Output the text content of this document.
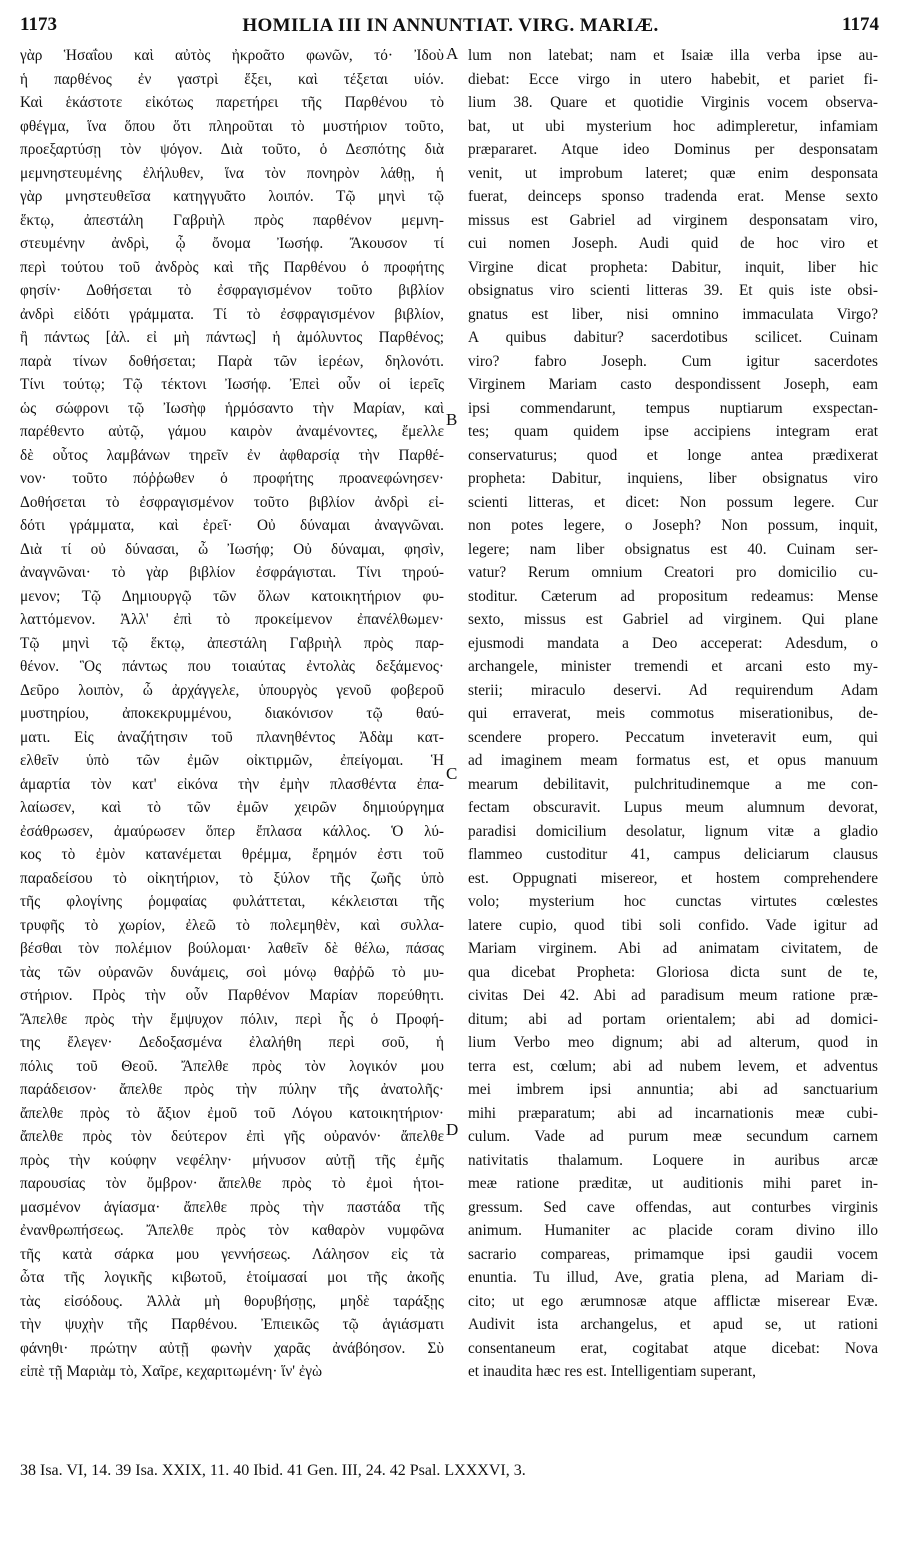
1173	HOMILIA III IN ANNUNTIAT. VIRG. MARIÆ.	1174
γὰρ Ἡσαΐου καὶ αὐτὸς ἠκροᾶτο φωνῶν, τό· Ἰδοὺ
ἡ παρθένος ἐν γαστρὶ ἕξει, καὶ τέξεται υἱόν.
Καὶ ἑκάστοτε εἰκότως παρετήρει τῆς Παρθένου τὸ
φθέγμα, ἵνα ὅπου ὅτι πληροῦται τὸ μυστήριον τοῦτο,
προεξαρτύσῃ τὸν ψόγον. Διὰ τοῦτο, ὁ Δεσπότης διὰ
μεμνηστευμένης ἐλήλυθεν, ἵνα τὸν πονηρὸν λάθῃ, ἡ
γὰρ μνηστευθεῖσα κατηγγυᾶτο λοιπόν. Τῷ μηνὶ τῷ
ἕκτῳ, ἀπεστάλη Γαβριὴλ πρὸς παρθένον μεμνη-
στευμένην ἀνδρὶ, ᾧ ὄνομα Ἰωσήφ. Ἄκουσον τί
περὶ τούτου τοῦ ἀνδρὸς καὶ τῆς Παρθένου ὁ προφήτης
φησίν· Δοθήσεται τὸ ἐσφραγισμένον τοῦτο βιβλίον
ἀνδρὶ εἰδότι γράμματα. Τί τὸ ἐσφραγισμένον βιβλίον,
ἢ πάντως [ἀλ. εἰ μὴ πάντως] ἡ ἀμόλυντος Παρθένος;
παρὰ τίνων δοθήσεται; Παρὰ τῶν ἱερέων, δηλονότι.
Τίνι τούτῳ; Τῷ τέκτονι Ἰωσήφ. Ἐπεὶ οὖν οἱ ἱερεῖς
ὡς σώφρονι τῷ Ἰωσὴφ ἡρμόσαντο τὴν Μαρίαν, καὶ
παρέθεντο αὐτῷ, γάμου καιρὸν ἀναμένοντες, ἔμελλε
δὲ οὗτος λαμβάνων τηρεῖν ἐν ἀφθαρσίᾳ τὴν Παρθέ-
νον· τοῦτο πόῤῥωθεν ὁ προφήτης προανεφώνησεν·
Δοθήσεται τὸ ἐσφραγισμένον τοῦτο βιβλίον ἀνδρὶ εἰ-
δότι γράμματα, καὶ ἐρεῖ· Οὐ δύναμαι ἀναγνῶναι.
Διὰ τί οὐ δύνασαι, ὦ Ἰωσήφ; Οὐ δύναμαι, φησὶν,
ἀναγνῶναι· τὸ γὰρ βιβλίον ἐσφράγισται. Τίνι τηρού-
μενον; Τῷ Δημιουργῷ τῶν ὅλων κατοικητήριον φυ-
λαττόμενον. Ἀλλ' ἐπὶ τὸ προκείμενον ἐπανέλθωμεν·
Τῷ μηνὶ τῷ ἕκτῳ, ἀπεστάλη Γαβριὴλ πρὸς παρ-
θένον. Ὃς πάντως που τοιαύτας ἐντολὰς δεξάμενος·
Δεῦρο λοιπὸν, ὦ ἀρχάγγελε, ὑπουργὸς γενοῦ φοβεροῦ
μυστηρίου, ἀποκεκρυμμένου, διακόνισον τῷ θαύ-
ματι. Εἰς ἀναζήτησιν τοῦ πλανηθέντος Ἀδὰμ κατ-
ελθεῖν ὑπὸ τῶν ἐμῶν οἰκτιρμῶν, ἐπείγομαι. Ἡ
ἁμαρτία τὸν κατ' εἰκόνα τὴν ἐμὴν πλασθέντα ἐπα-
λαίωσεν, καὶ τὸ τῶν ἐμῶν χειρῶν δημιούργημα
ἐσάθρωσεν, ἀμαύρωσεν ὅπερ ἔπλασα κάλλος. Ὁ λύ-
κος τὸ ἐμὸν κατανέμεται θρέμμα, ἔρημόν ἐστι τοῦ
παραδείσου τὸ οἰκητήριον, τὸ ξύλον τῆς ζωῆς ὑπὸ
τῆς φλογίνης ῥομφαίας φυλάττεται, κέκλεισται τῆς
τρυφῆς τὸ χωρίον, ἐλεῶ τὸ πολεμηθὲν, καὶ συλλα-
βέσθαι τὸν πολέμιον βούλομαι· λαθεῖν δὲ θέλω, πάσας
τὰς τῶν οὐρανῶν δυνάμεις, σοὶ μόνῳ θαῤῥῶ τὸ μυ-
στήριον. Πρὸς τὴν οὖν Παρθένον Μαρίαν πορεύθητι.
Ἄπελθε πρὸς τὴν ἔμψυχον πόλιν, περὶ ἧς ὁ Προφή-
της ἔλεγεν· Δεδοξασμένα ἐλαλήθη περὶ σοῦ, ἡ
πόλις τοῦ Θεοῦ. Ἄπελθε πρὸς τὸν λογικόν μου
παράδεισον· ἄπελθε πρὸς τὴν πύλην τῆς ἀνατολῆς·
ἄπελθε πρὸς τὸ ἄξιον ἐμοῦ τοῦ Λόγου κατοικητήριον·
ἄπελθε πρὸς τὸν δεύτερον ἐπὶ γῆς οὐρανόν· ἄπελθε
πρὸς τὴν κούφην νεφέλην· μήνυσον αὐτῇ τῆς ἐμῆς
παρουσίας τὸν ὄμβρον· ἄπελθε πρὸς τὸ ἐμοὶ ἡτοι-
μασμένον ἁγίασμα· ἄπελθε πρὸς τὴν παστάδα τῆς
ἐνανθρωπήσεως. Ἄπελθε πρὸς τὸν καθαρὸν νυμφῶνα
τῆς κατὰ σάρκα μου γεννήσεως. Λάλησον εἰς τὰ
ὦτα τῆς λογικῆς κιβωτοῦ, ἑτοίμασαί μοι τῆς ἀκοῆς
τὰς εἰσόδους. Ἀλλὰ μὴ θορυβήσῃς, μηδὲ ταράξῃς
τὴν ψυχὴν τῆς Παρθένου. Ἐπιεικῶς τῷ ἁγιάσματι
φάνηθι· πρώτην αὐτῇ φωνὴν χαρᾶς ἀνάβόησον. Σὺ
εἰπὲ τῇ Μαριὰμ τὸ, Χαῖρε, κεχαριτωμένη· ἵν' ἐγὼ
lum non latebat; nam et Isaiæ illa verba ipse au-
diebat: Ecce virgo in utero habebit, et pariet fi-
lium 38. Quare et quotidie Virginis vocem observa-
bat, ut ubi mysterium hoc adimpleretur, infamiam
præpararet. Atque ideo Dominus per desponsatam
venit, ut improbum lateret; quæ enim desponsata
fuerat, deinceps sponso tradenda erat. Mense sexto
missus est Gabriel ad virginem desponsatam viro,
cui nomen Joseph. Audi quid de hoc viro et
Virgine dicat propheta: Dabitur, inquit, liber hic
obsignatus viro scienti litteras 39. Et quis iste obsi-
gnatus est liber, nisi omnino immaculata Virgo?
A quibus dabitur? sacerdotibus scilicet. Cuinam
viro? fabro Joseph. Cum igitur sacerdotes
Virginem Mariam casto despondissent Joseph, eam
ipsi commendarunt, tempus nuptiarum exspectan-
tes; quam quidem ipse accipiens integram erat
conservaturus; quod et longe antea prædixerat
propheta: Dabitur, inquiens, liber obsignatus viro
scienti litteras, et dicet: Non possum legere. Cur
non potes legere, o Joseph? Non possum, inquit,
legere; nam liber obsignatus est 40. Cuinam ser-
vatur? Rerum omnium Creatori pro domicilio cu-
stoditur. Cæterum ad propositum redeamus: Mense
sexto, missus est Gabriel ad virginem. Qui plane
ejusmodi mandata a Deo acceperat: Adesdum, o
archangele, minister tremendi et arcani esto my-
sterii; miraculo deservi. Ad requirendum Adam
qui erraverat, meis commotus miserationibus, de-
scendere propero. Peccatum inveteravit eum, qui
ad imaginem meam formatus est, et opus manuum
mearum debilitavit, pulchritudinemque a me con-
fectam obscuravit. Lupus meum alumnum devorat,
paradisi domicilium desolatur, lignum vitæ a gladio
flammeo custoditur 41, campus deliciarum clausus
est. Oppugnati misereor, et hostem comprehendere
volo; mysterium hoc cunctas virtutes cœlestes
latere cupio, quod tibi soli confido. Vade igitur ad
Mariam virginem. Abi ad animatam civitatem, de
qua dicebat Propheta: Gloriosa dicta sunt de te,
civitas Dei 42. Abi ad paradisum meum ratione præ-
ditum; abi ad portam orientalem; abi ad domici-
lium Verbo meo dignum; abi ad alterum, quod in
terra est, cœlum; abi ad nubem levem, et adventus
mei imbrem ipsi annuntia; abi ad sanctuarium
mihi præparatum; abi ad incarnationis meæ cubi-
culum. Vade ad purum meæ secundum carnem
nativitatis thalamum. Loquere in auribus arcæ
meæ ratione præditæ, ut auditionis mihi paret in-
gressum. Sed cave offendas, aut conturbes virginis
animum. Humaniter ac placide coram divino illo
sacrario compareas, primamque ipsi gaudii vocem
enuntia. Tu illud, Ave, gratia plena, ad Mariam di-
cito; ut ego ærumnosæ atque afflictæ miserear Evæ.
Audivit ista archangelus, et apud se, ut rationi
consentaneum erat, cogitabat atque dicebat: Nova
et inaudita hæc res est. Intelligentiam superant,
A
B
C
D
38 Isa. VI, 14. 39 Isa. XXIX, 11. 40 Ibid. 41 Gen. III, 24. 42 Psal. LXXXVI, 3.
